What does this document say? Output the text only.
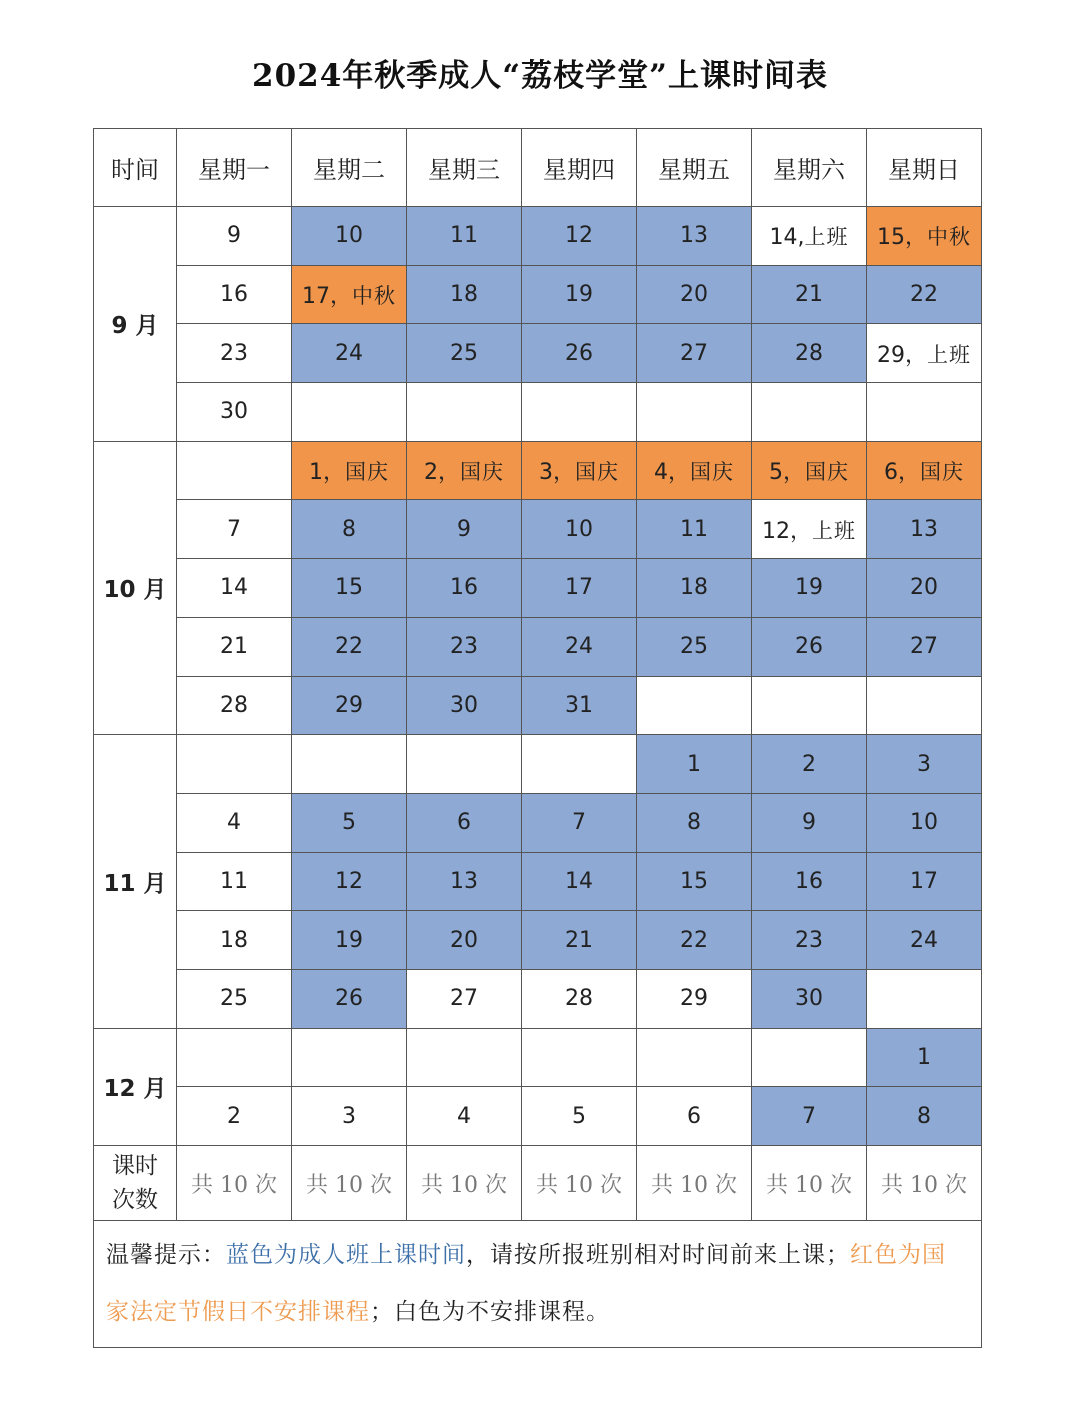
2024年秋季成人“荔枝学堂”上课时间表
时间	星期一	星期二	星期三	星期四	星期五	星期六	星期日
9 月	9	10	11	12	13	14,上班	15，中秋
	16	17，中秋	18	19	20	21	22
	23	24	25	26	27	28	29，上班
	30						
10 月		1，国庆	2，国庆	3，国庆	4，国庆	5，国庆	6，国庆
	7	8	9	10	11	12，上班	13
	14	15	16	17	18	19	20
	21	22	23	24	25	26	27
	28	29	30	31			
11 月					1	2	3
	4	5	6	7	8	9	10
	11	12	13	14	15	16	17
	18	19	20	21	22	23	24
	25	26	27	28	29	30	
12 月							1
	2	3	4	5	6	7	8

课时
次数	共 10 次	共 10 次	共 10 次	共 10 次	共 10 次	共 10 次	共 10 次
温馨提示：蓝色为成人班上课时间，请按所报班别相对时间前来上课；红色为国家法定节假日不安排课程；白色为不安排课程。							
